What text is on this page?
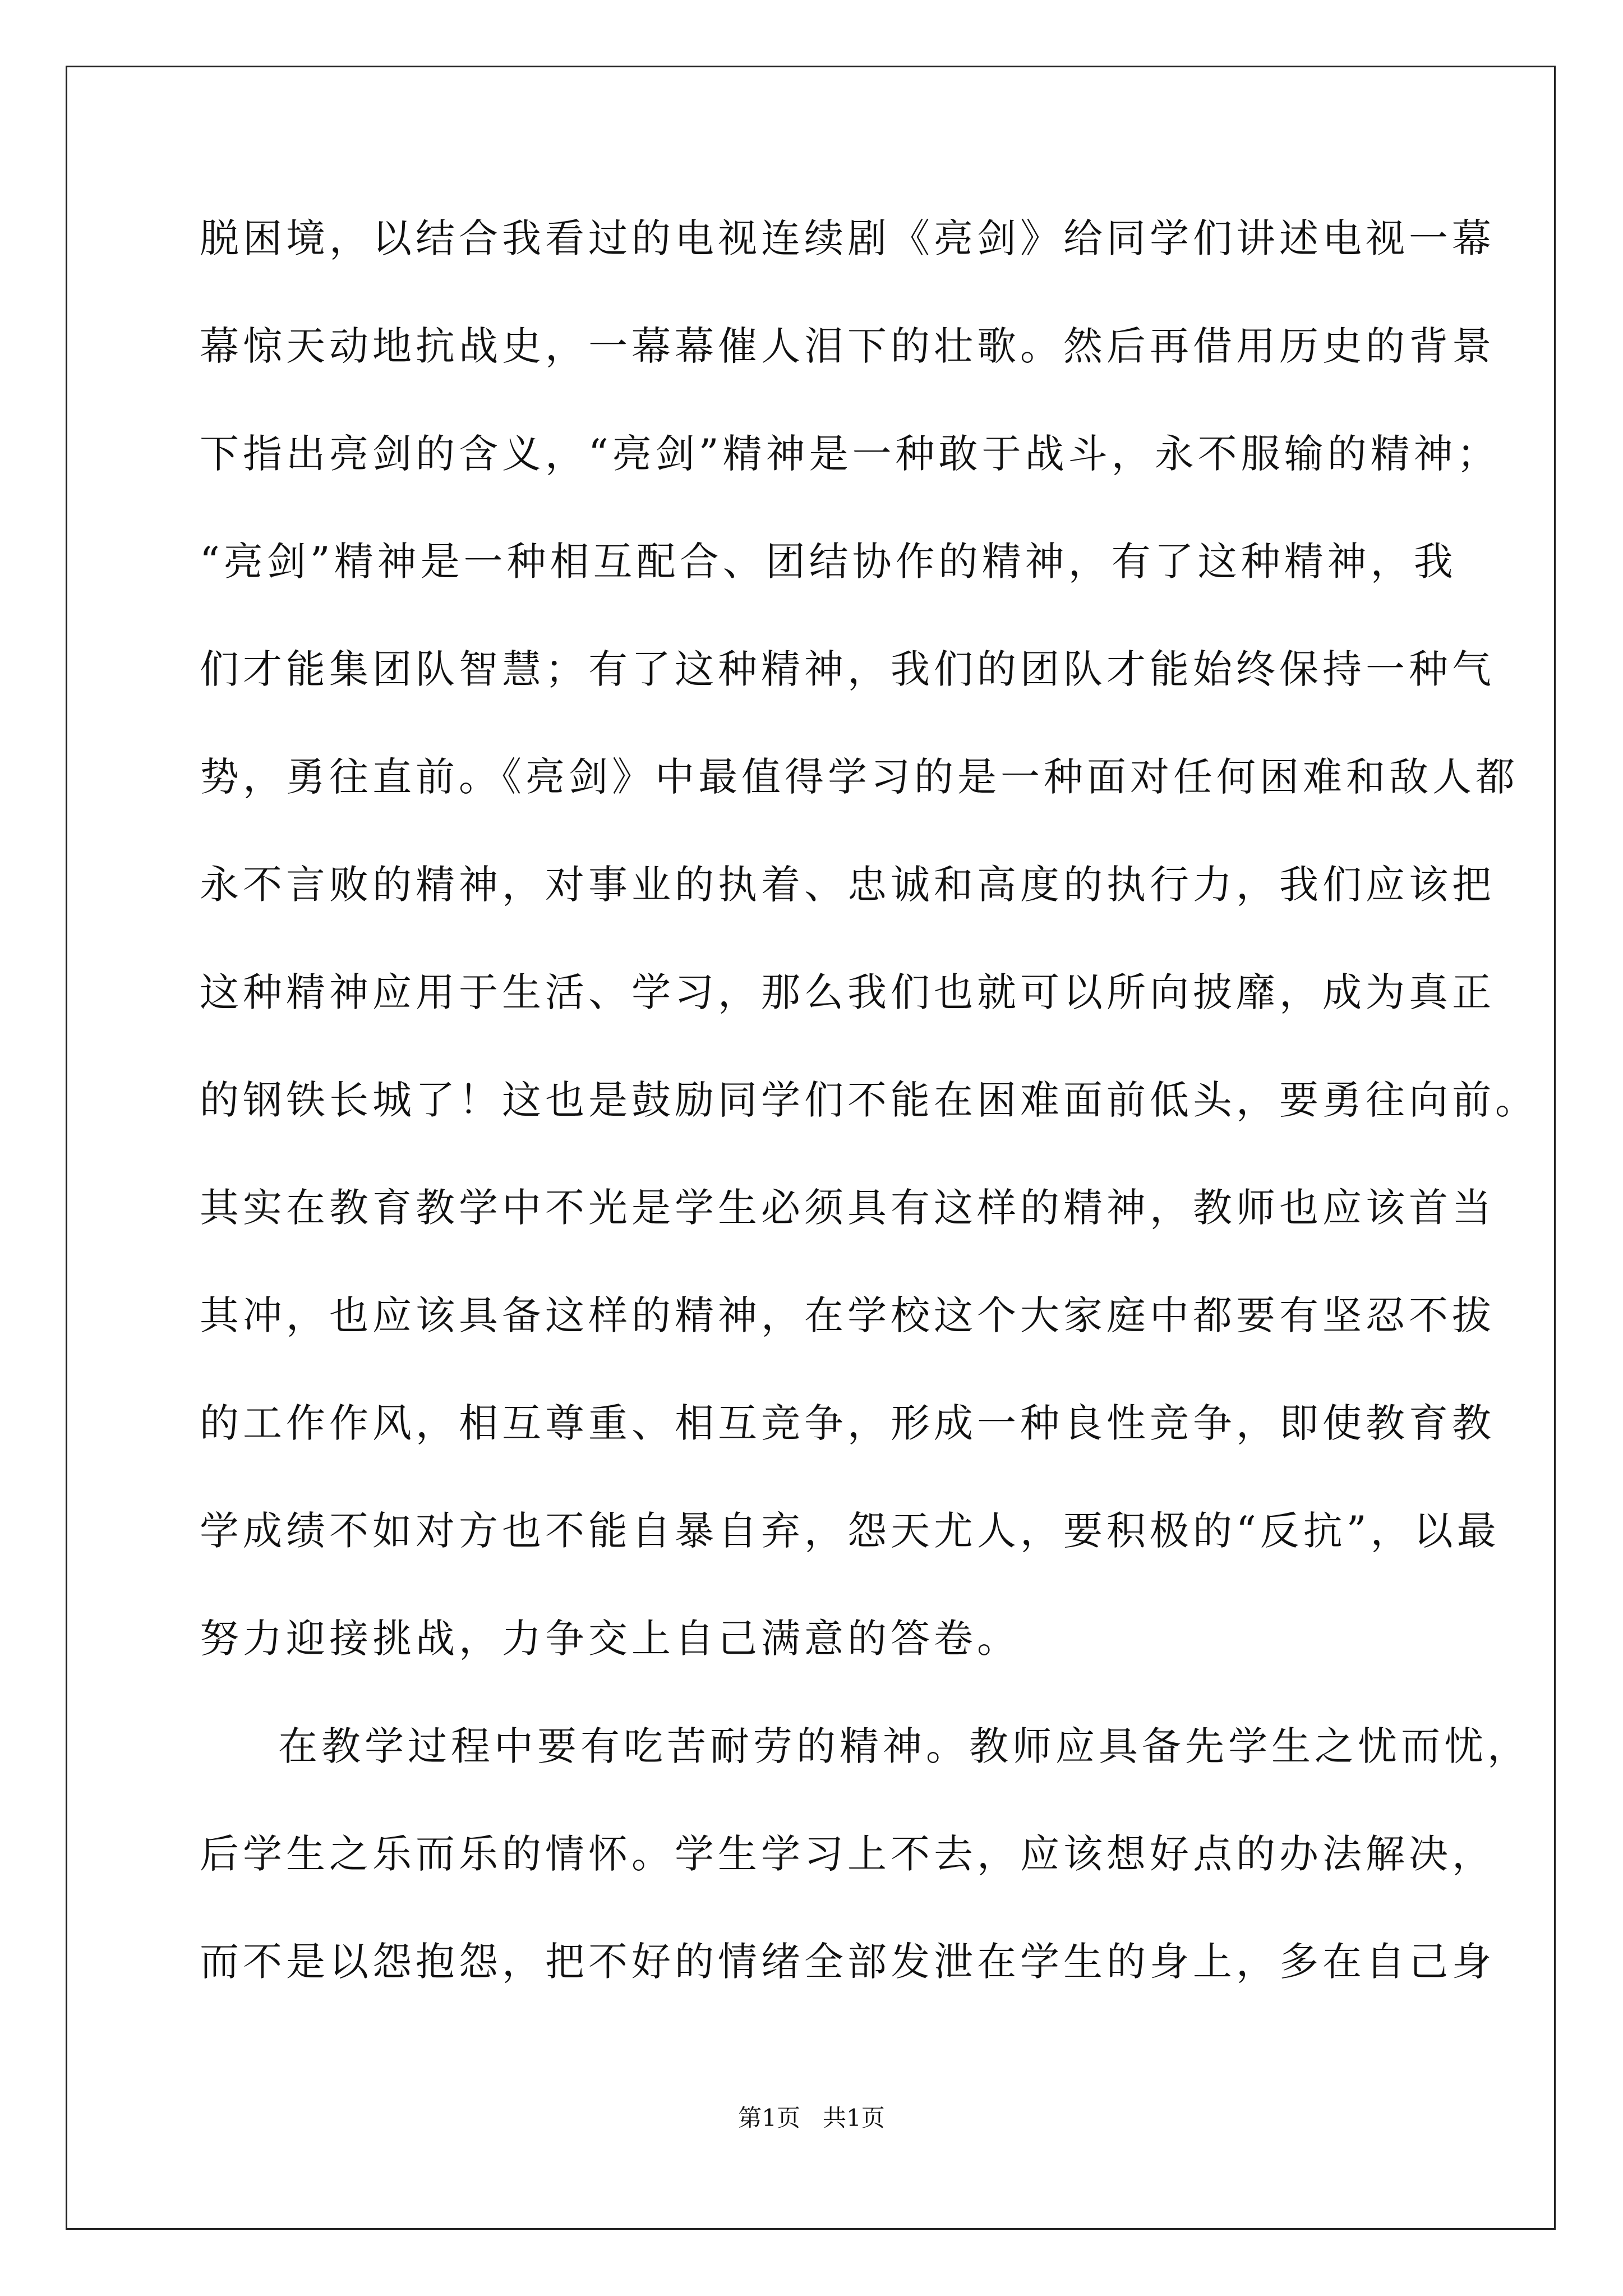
脱困境，以结合我看过的电视连续剧《亮剑》给同学们讲述电视一幕
幕惊天动地抗战史，一幕幕催人泪下的壮歌。然后再借用历史的背景
下指出亮剑的含义，“亮剑”精神是一种敢于战斗，永不服输的精神；
“亮剑”精神是一种相互配合、团结协作的精神，有了这种精神，我
们才能集团队智慧；有了这种精神，我们的团队才能始终保持一种气
势，勇往直前。《亮剑》中最值得学习的是一种面对任何困难和敌人都
永不言败的精神，对事业的执着、忠诚和高度的执行力，我们应该把
这种精神应用于生活、学习，那么我们也就可以所向披靡，成为真正
的钢铁长城了！这也是鼓励同学们不能在困难面前低头，要勇往向前。
其实在教育教学中不光是学生必须具有这样的精神，教师也应该首当
其冲，也应该具备这样的精神，在学校这个大家庭中都要有坚忍不拔
的工作作风，相互尊重、相互竞争，形成一种良性竞争，即使教育教
学成绩不如对方也不能自暴自弃，怨天尤人，要积极的“反抗”，以最
努力迎接挑战，力争交上自己满意的答卷。
在教学过程中要有吃苦耐劳的精神。教师应具备先学生之忧而忧，
后学生之乐而乐的情怀。学生学习上不去，应该想好点的办法解决，
而不是以怨抱怨，把不好的情绪全部发泄在学生的身上，多在自己身
第1页 共1页
